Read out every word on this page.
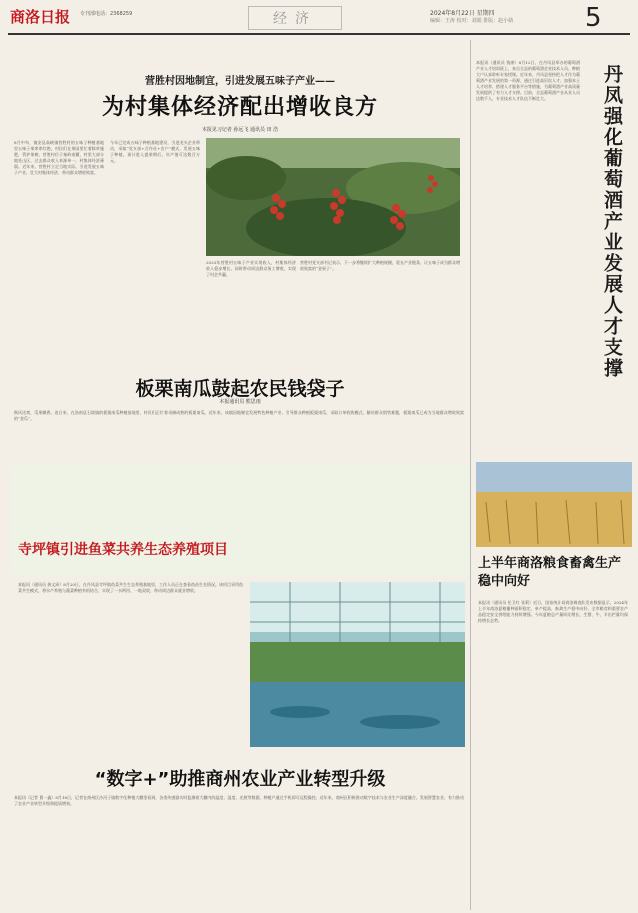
商洛日报 专刊部电话：2368259	经济	2024年8月22日 星期四
编辑：王涛 校对：刘娟 排版：赵小婧	5
营胜村因地制宜，引进发展五味子产业——
为村集体经济配出增收良方
本报见习记者 孙远飞 通讯员 田 浩

8月中旬，镇安县高峡镇营胜村的五味子种植基地里五味子果串串红艳，村民们在果园里忙着除草施肥，管护果树。营胜村位于秦岭南麓，村里大部分地处山区，过去群众收入来源单一，村集体经济薄弱。近年来，营胜村立足当地实际，引进发展五味子产业，壮大村集体经济，带动群众增收致富。

今年已完成五味子种植基地建设，引进龙头企业带动，采取“党支部+合作社+农户”模式，发展五味子种植。预计进入盛果期后，年产值可达数百万元。

2023年营胜村五味子产业实现收入，村集体经济收入稳步增长，同时带动周边群众务工增收，实现了村企共赢。

营胜村党支部书记表示，下一步将继续扩大种植规模，延长产业链条，让五味子成为群众增收致富的“金果子”。

本报讯（通讯员 钱康）8月12日，在丹凤县举办的葡萄酒产业人才培训班上，来自全县的葡萄酒企业技术人员、种植大户认真聆听专家授课。近年来，丹凤县坚持把人才作为葡萄酒产业发展的第一资源，通过引进高层次人才、加强本土人才培养、搭建人才服务平台等措施，为葡萄酒产业高质量发展提供了有力人才支撑。目前，全县葡萄酒产业从业人员达数千人，专业技术人才队伍不断壮大。	丹凤强化葡萄酒产业发展人才支撑
板栗南瓜鼓起农民钱袋子
本报通讯员 熊思雨

秋风送爽，瓜果飘香。连日来，在洛南县石坡镇的板栗南瓜种植基地里，村民们正忙着采摘成熟的板栗南瓜。近年来，该镇因地制宜发展特色种植产业，引导群众种植板栗南瓜，采取订单收购模式，解决群众销售难题，板栗南瓜已成为当地群众增收致富的“金瓜”。

寺坪镇引进鱼菜共养生态养殖项目

本报讯（通讯员 龚文沛）8月20日，在丹凤县寺坪镇鱼菜共生生态养殖基地里，工作人员正在查看鱼苗生长情况。该项目采用鱼菜共生模式，将水产养殖与蔬菜种植有机结合，实现了一水两用、一地双收，带动周边群众就业增收。

上半年商洛粮食畜禽生产稳中向好

本报讯（通讯员 任卫红 张莉）近日，国家统计局商洛调查队发布数据显示，2024年上半年商洛夏粮播种面积稳定、单产提高，畜禽生产稳中向好，全市粮食和重要农产品稳定安全供给能力持续增强。今年夏粮总产量同比增长，生猪、牛、羊出栏量均保持增长态势。

“数字+”助推商州农业产业转型升级

本报讯（记者 曹一鑫）8月16日，记者在商州区沙河子镇数字化种植大棚里看到，各类传感器实时监测着大棚内的温度、湿度、光照等数据，种植户通过手机即可远程操控。近年来，商州区积极推动数字技术与农业生产深度融合，发展智慧农业，有力推动了农业产业转型升级和提质增效。
